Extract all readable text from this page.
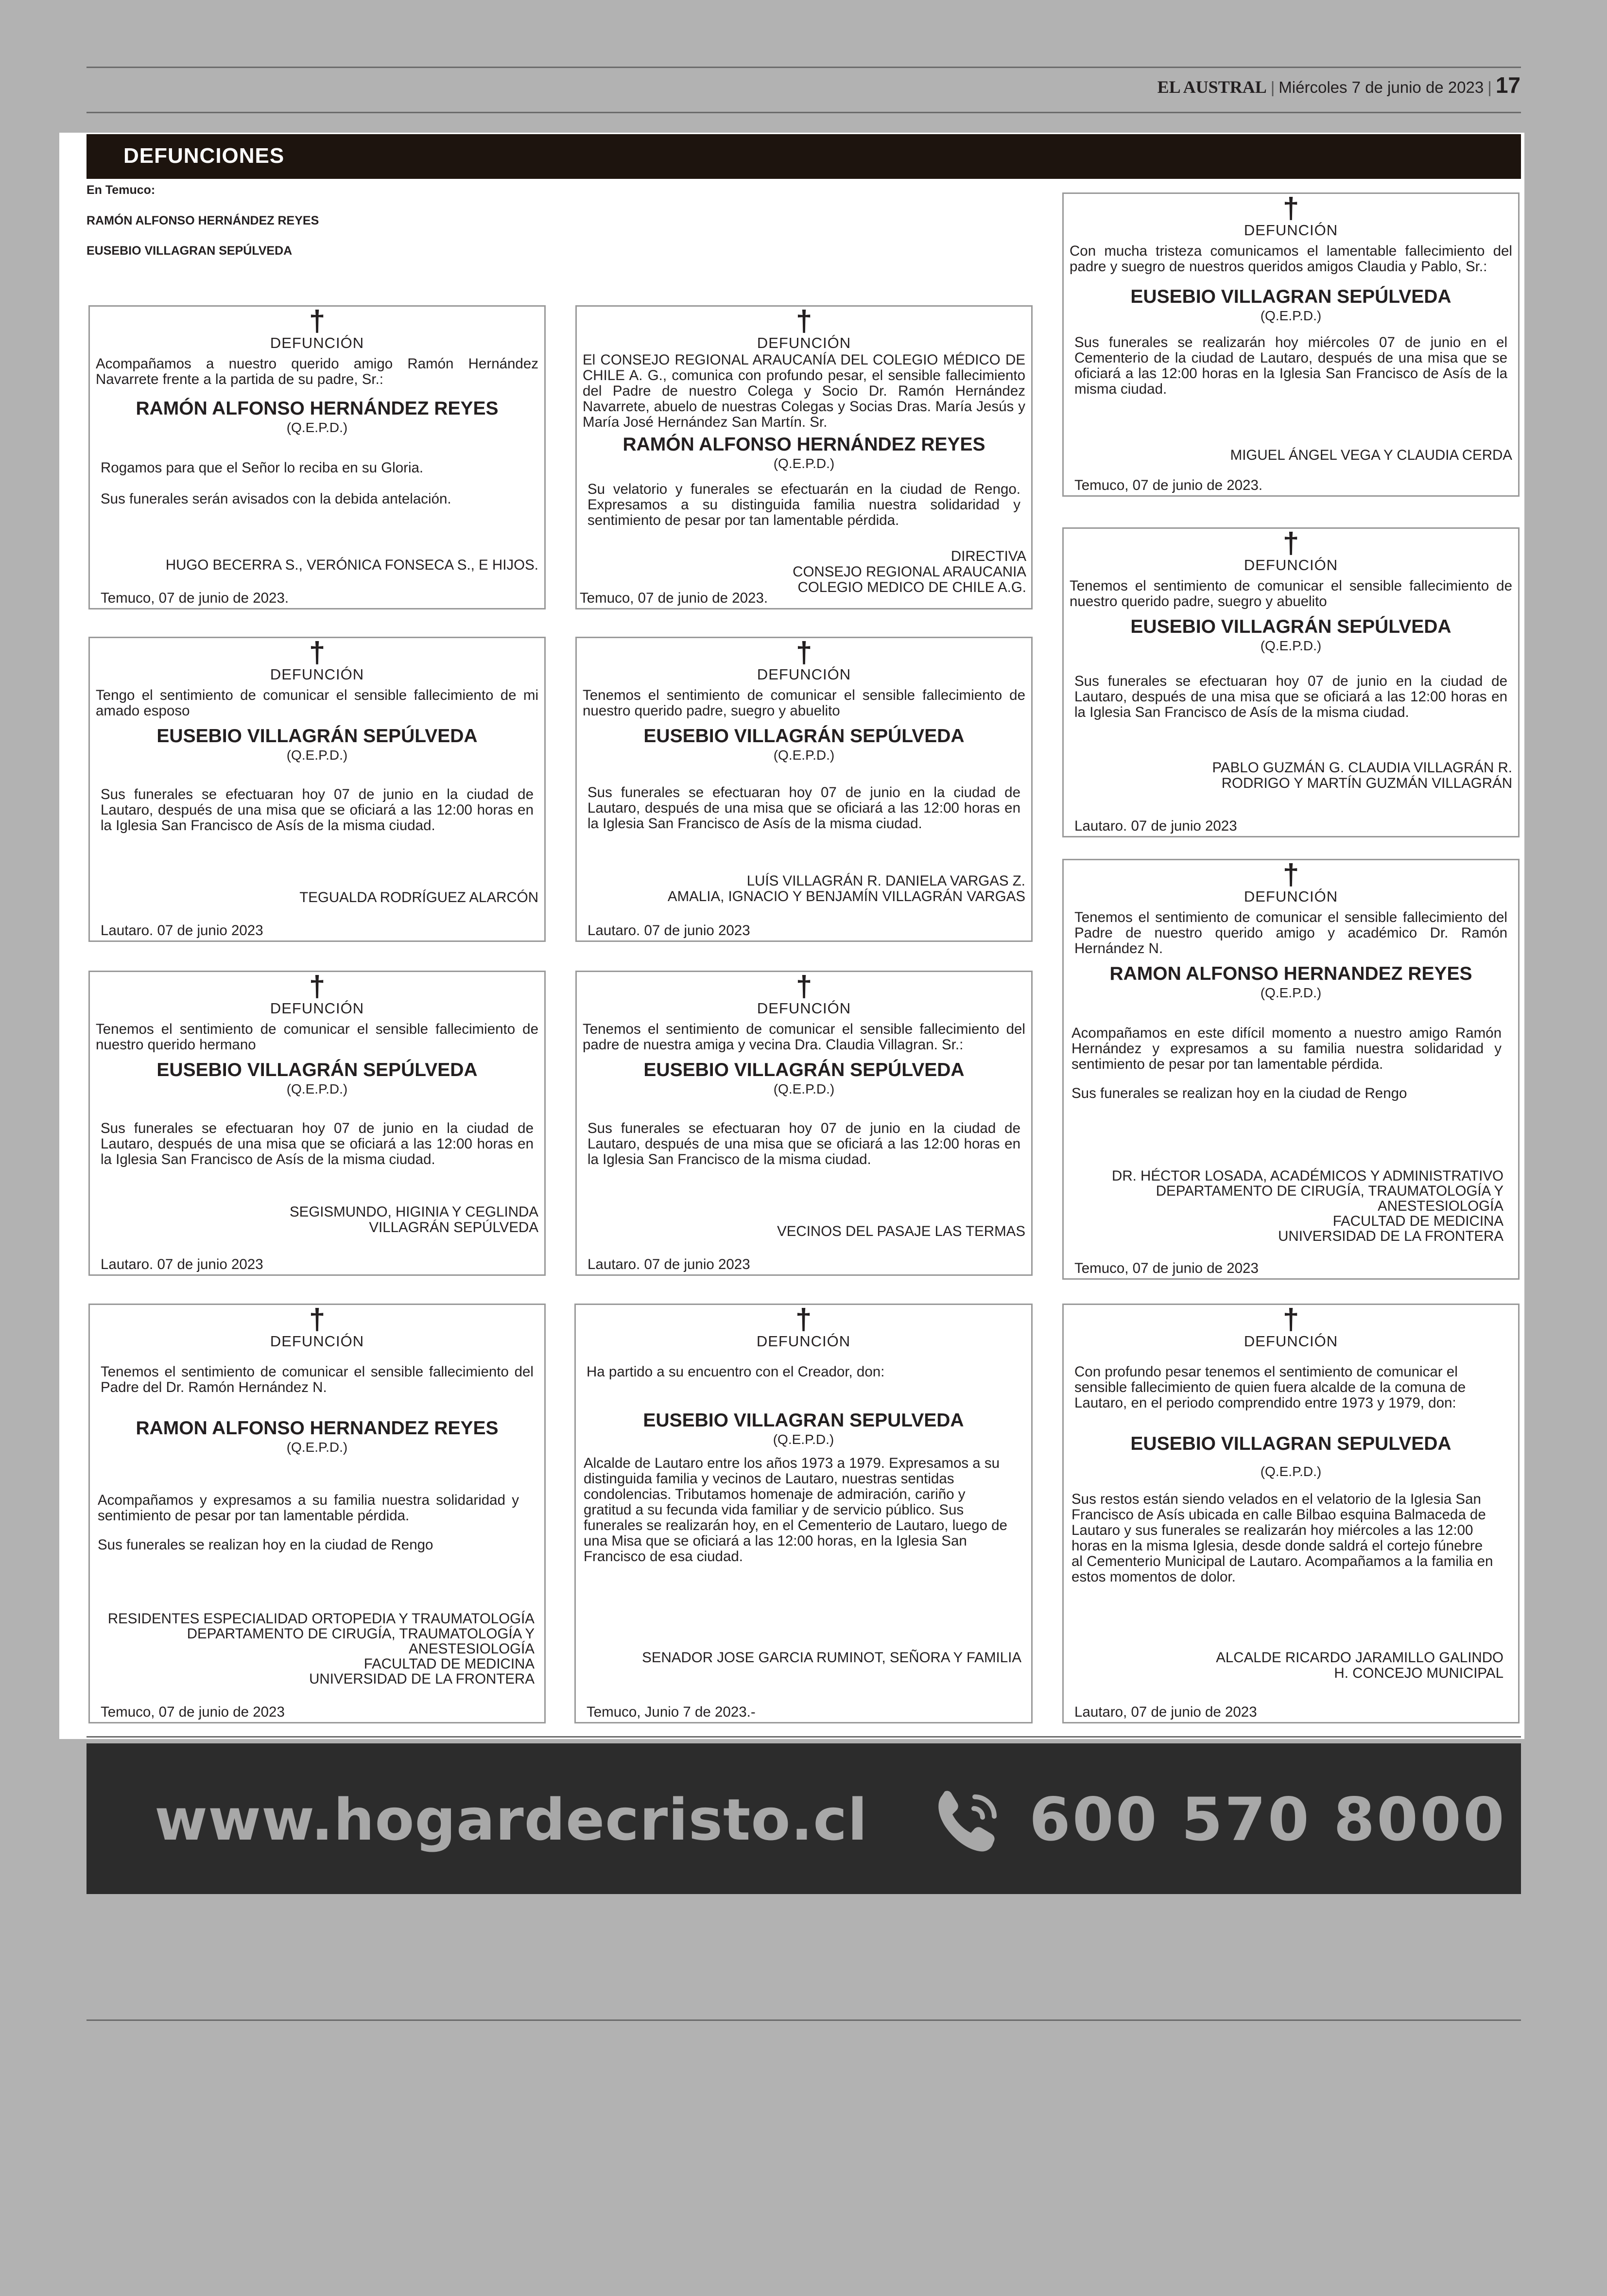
EL AUSTRAL | Miércoles 7 de junio de 2023 | 17
DEFUNCIONES
En Temuco:
RAMÓN ALFONSO HERNÁNDEZ REYES
EUSEBIO VILLAGRAN SEPÚLVEDA
†
DEFUNCIÓN
Acompañamos a nuestro querido amigo Ramón Hernández Navarrete frente a la partida de su padre, Sr.:
RAMÓN ALFONSO HERNÁNDEZ REYES
(Q.E.P.D.)
Rogamos para que el Señor lo reciba en su Gloria.
Sus funerales serán avisados con la debida antelación.
HUGO BECERRA S., VERÓNICA FONSECA S., E HIJOS.
Temuco, 07 de junio de 2023.
†
DEFUNCIÓN
El CONSEJO REGIONAL ARAUCANÍA DEL COLEGIO MÉDICO DE CHILE A. G., comunica con profundo pesar, el sensible fallecimiento del Padre de nuestro Colega y Socio Dr. Ramón Hernández Navarrete, abuelo de nuestras Colegas y Socias Dras. María Jesús y María José Hernández San Martín. Sr.
RAMÓN ALFONSO HERNÁNDEZ REYES
(Q.E.P.D.)
Su velatorio y funerales se efectuarán en la ciudad de Rengo. Expresamos a su distinguida familia nuestra solidaridad y sentimiento de pesar por tan lamentable pérdida.
DIRECTIVA
CONSEJO REGIONAL ARAUCANIA
COLEGIO MEDICO DE CHILE A.G.
Temuco, 07 de junio de 2023.
†
DEFUNCIÓN
Con mucha tristeza comunicamos el lamentable fallecimiento del padre y suegro de nuestros queridos amigos Claudia y Pablo, Sr.:
EUSEBIO VILLAGRAN SEPÚLVEDA
(Q.E.P.D.)
Sus funerales se realizarán hoy miércoles 07 de junio en el Cementerio de la ciudad de Lautaro, después de una misa que se oficiará a las 12:00 horas en la Iglesia San Francisco de Asís de la misma ciudad.
MIGUEL ÁNGEL VEGA Y CLAUDIA CERDA
Temuco, 07 de junio de 2023.
†
DEFUNCIÓN
Tengo el sentimiento de comunicar el sensible fallecimiento de mi amado esposo
EUSEBIO VILLAGRÁN SEPÚLVEDA
(Q.E.P.D.)
Sus funerales se efectuaran hoy 07 de junio en la ciudad de Lautaro, después de una misa que se oficiará a las 12:00 horas en la Iglesia San Francisco de Asís de la misma ciudad.
TEGUALDA RODRÍGUEZ ALARCÓN
Lautaro. 07 de junio 2023
†
DEFUNCIÓN
Tenemos el sentimiento de comunicar el sensible fallecimiento de nuestro querido padre, suegro y abuelito
EUSEBIO VILLAGRÁN SEPÚLVEDA
(Q.E.P.D.)
Sus funerales se efectuaran hoy 07 de junio en la ciudad de Lautaro, después de una misa que se oficiará a las 12:00 horas en la Iglesia San Francisco de Asís de la misma ciudad.
LUÍS VILLAGRÁN R. DANIELA VARGAS Z.
AMALIA, IGNACIO Y BENJAMÍN VILLAGRÁN VARGAS
Lautaro. 07 de junio 2023
†
DEFUNCIÓN
Tenemos el sentimiento de comunicar el sensible fallecimiento de nuestro querido padre, suegro y abuelito
EUSEBIO VILLAGRÁN SEPÚLVEDA
(Q.E.P.D.)
Sus funerales se efectuaran hoy 07 de junio en la ciudad de Lautaro, después de una misa que se oficiará a las 12:00 horas en la Iglesia San Francisco de Asís de la misma ciudad.
PABLO GUZMÁN G. CLAUDIA VILLAGRÁN R.
RODRIGO Y MARTÍN GUZMÁN VILLAGRÁN
Lautaro. 07 de junio 2023
†
DEFUNCIÓN
Tenemos el sentimiento de comunicar el sensible fallecimiento de nuestro querido hermano
EUSEBIO VILLAGRÁN SEPÚLVEDA
(Q.E.P.D.)
Sus funerales se efectuaran hoy 07 de junio en la ciudad de Lautaro, después de una misa que se oficiará a las 12:00 horas en la Iglesia San Francisco de Asís de la misma ciudad.
SEGISMUNDO, HIGINIA Y CEGLINDA
VILLAGRÁN SEPÚLVEDA
Lautaro. 07 de junio 2023
†
DEFUNCIÓN
Tenemos el sentimiento de comunicar el sensible fallecimiento del padre de nuestra amiga y vecina Dra. Claudia Villagran. Sr.:
EUSEBIO VILLAGRÁN SEPÚLVEDA
(Q.E.P.D.)
Sus funerales se efectuaran hoy 07 de junio en la ciudad de Lautaro, después de una misa que se oficiará a las 12:00 horas en la Iglesia San Francisco de la misma ciudad.
VECINOS DEL PASAJE LAS TERMAS
Lautaro. 07 de junio 2023
†
DEFUNCIÓN
Tenemos el sentimiento de comunicar el sensible fallecimiento del Padre de nuestro querido amigo y académico Dr. Ramón Hernández N.
RAMON ALFONSO HERNANDEZ REYES
(Q.E.P.D.)
Acompañamos en este difícil momento a nuestro amigo Ramón Hernández y expresamos a su familia nuestra solidaridad y sentimiento de pesar por tan lamentable pérdida.
Sus funerales se realizan hoy en la ciudad de Rengo
DR. HÉCTOR LOSADA, ACADÉMICOS Y ADMINISTRATIVO
DEPARTAMENTO DE CIRUGÍA, TRAUMATOLOGÍA Y ANESTESIOLOGÍA
FACULTAD DE MEDICINA
UNIVERSIDAD DE LA FRONTERA
Temuco, 07 de junio de 2023
†
DEFUNCIÓN
Tenemos el sentimiento de comunicar el sensible fallecimiento del Padre del Dr. Ramón Hernández N.
RAMON ALFONSO HERNANDEZ REYES
(Q.E.P.D.)
Acompañamos y expresamos a su familia nuestra solidaridad y sentimiento de pesar por tan lamentable pérdida.
Sus funerales se realizan hoy en la ciudad de Rengo
RESIDENTES ESPECIALIDAD ORTOPEDIA Y TRAUMATOLOGÍA
DEPARTAMENTO DE CIRUGÍA, TRAUMATOLOGÍA Y ANESTESIOLOGÍA
FACULTAD DE MEDICINA
UNIVERSIDAD DE LA FRONTERA
Temuco, 07 de junio de 2023
†
DEFUNCIÓN
Ha partido a su encuentro con el Creador, don:
EUSEBIO VILLAGRAN SEPULVEDA
(Q.E.P.D.)
Alcalde de Lautaro entre los años 1973 a 1979. Expresamos a su distinguida familia y vecinos de Lautaro, nuestras sentidas condolencias. Tributamos homenaje de admiración, cariño y gratitud a su fecunda vida familiar y de servicio público. Sus funerales se realizarán hoy, en el Cementerio de Lautaro, luego de una Misa que se oficiará a las 12:00 horas, en la Iglesia San Francisco de esa ciudad.
SENADOR JOSE GARCIA RUMINOT, SEÑORA Y FAMILIA
Temuco, Junio 7 de 2023.-
†
DEFUNCIÓN
Con profundo pesar tenemos el sentimiento de comunicar el sensible fallecimiento de quien fuera alcalde de la comuna de Lautaro, en el periodo comprendido entre 1973 y 1979, don:
EUSEBIO VILLAGRAN SEPULVEDA
(Q.E.P.D.)
Sus restos están siendo velados en el velatorio de la Iglesia San Francisco de Asís ubicada en calle Bilbao esquina Balmaceda de Lautaro y sus funerales se realizarán hoy miércoles a las 12:00 horas en la misma Iglesia, desde donde saldrá el cortejo fúnebre al Cementerio Municipal de Lautaro. Acompañamos a la familia en estos momentos de dolor.
ALCALDE RICARDO JARAMILLO GALINDO
H. CONCEJO MUNICIPAL
Lautaro, 07 de junio de 2023
www.hogardecristo.cl	600 570 8000
